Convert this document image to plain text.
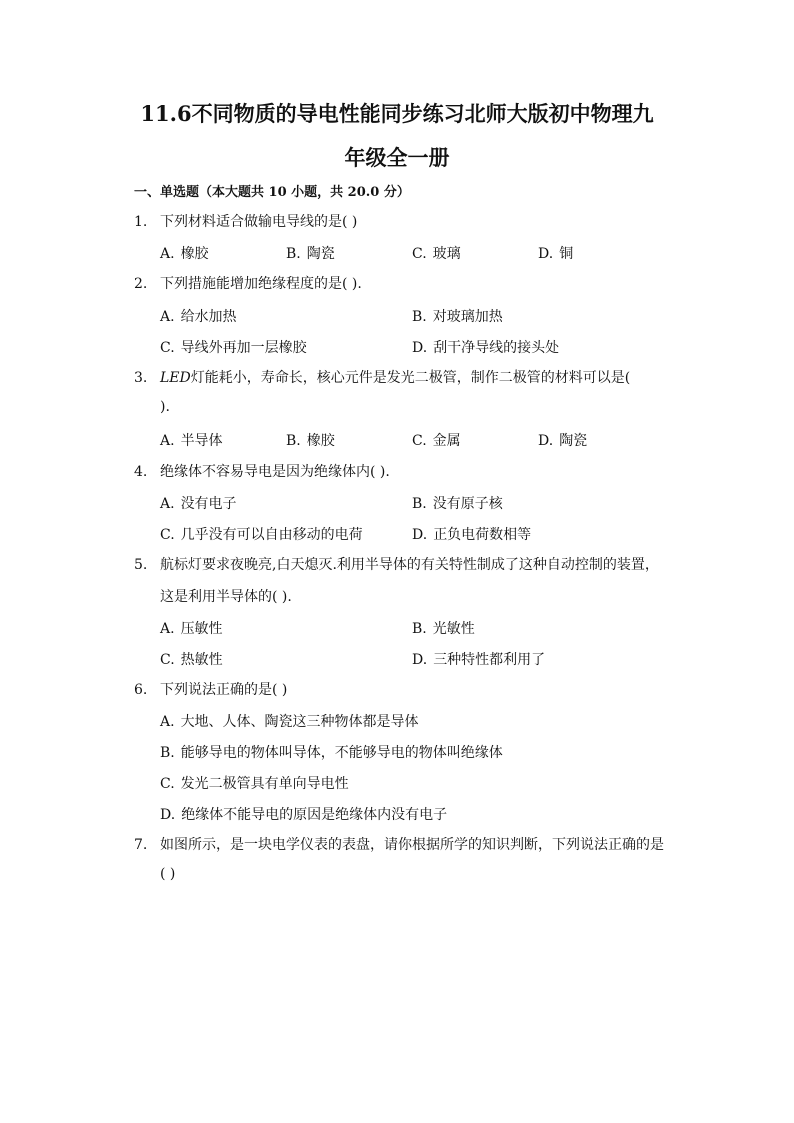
11.6不同物质的导电性能同步练习北师大版初中物理九
年级全一册
一、单选题（本大题共 10 小题，共 20.0 分）
1. 下列材料适合做输电导线的是( )
A. 橡胶	B. 陶瓷	C. 玻璃	D. 铜
2. 下列措施能增加绝缘程度的是( ).
A. 给水加热	B. 对玻璃加热
C. 导线外再加一层橡胶	D. 刮干净导线的接头处
3. LED灯能耗小，寿命长，核心元件是发光二极管，制作二极管的材料可以是(
).
A. 半导体	B. 橡胶	C. 金属	D. 陶瓷
4. 绝缘体不容易导电是因为绝缘体内( ).
A. 没有电子	B. 没有原子核
C. 几乎没有可以自由移动的电荷	D. 正负电荷数相等
5. 航标灯要求夜晚亮,白天熄灭.利用半导体的有关特性制成了这种自动控制的装置，
这是利用半导体的( ).
A. 压敏性	B. 光敏性
C. 热敏性	D. 三种特性都利用了
6. 下列说法正确的是( )
A. 大地、人体、陶瓷这三种物体都是导体
B. 能够导电的物体叫导体，不能够导电的物体叫绝缘体
C. 发光二极管具有单向导电性
D. 绝缘体不能导电的原因是绝缘体内没有电子
7. 如图所示，是一块电学仪表的表盘，请你根据所学的知识判断，下列说法正确的是
( )
